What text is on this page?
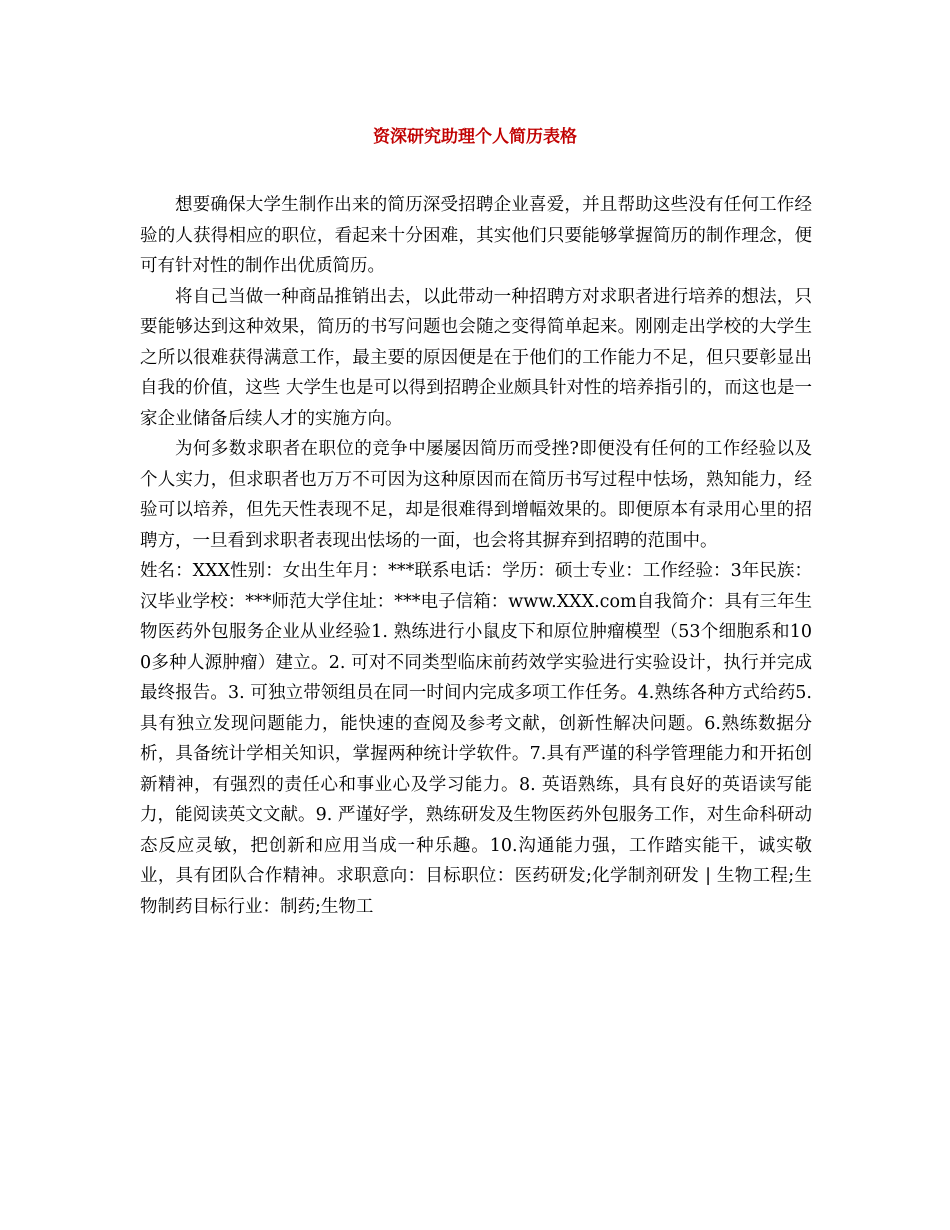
资深研究助理个人简历表格

想要确保大学生制作出来的简历深受招聘企业喜爱，并且帮助这些没有任何工作经验的人获得相应的职位，看起来十分困难，其实他们只要能够掌握简历的制作理念，便可有针对性的制作出优质简历。

将自己当做一种商品推销出去，以此带动一种招聘方对求职者进行培养的想法，只要能够达到这种效果，简历的书写问题也会随之变得简单起来。刚刚走出学校的大学生之所以很难获得满意工作，最主要的原因便是在于他们的工作能力不足，但只要彰显出自我的价值，这些 大学生也是可以得到招聘企业颇具针对性的培养指引的，而这也是一家企业储备后续人才的实施方向。

为何多数求职者在职位的竞争中屡屡因简历而受挫?即便没有任何的工作经验以及个人实力，但求职者也万万不可因为这种原因而在简历书写过程中怯场，熟知能力，经验可以培养，但先天性表现不足，却是很难得到增幅效果的。即便原本有录用心里的招聘方，一旦看到求职者表现出怯场的一面，也会将其摒弃到招聘的范围中。

姓名：XXX性别：女出生年月：***联系电话：学历：硕士专业：工作经验：3年民族：汉毕业学校：***师范大学住址：***电子信箱：www.XXX.com自我简介：具有三年生物医药外包服务企业从业经验1. 熟练进行小鼠皮下和原位肿瘤模型（53个细胞系和100多种人源肿瘤）建立。2. 可对不同类型临床前药效学实验进行实验设计，执行并完成最终报告。3. 可独立带领组员在同一时间内完成多项工作任务。4.熟练各种方式给药5. 具有独立发现问题能力，能快速的查阅及参考文献，创新性解决问题。6.熟练数据分析，具备统计学相关知识，掌握两种统计学软件。7.具有严谨的科学管理能力和开拓创新精神，有强烈的责任心和事业心及学习能力。8. 英语熟练，具有良好的英语读写能力，能阅读英文文献。9. 严谨好学，熟练研发及生物医药外包服务工作，对生命科研动态反应灵敏，把创新和应用当成一种乐趣。10.沟通能力强，工作踏实能干，诚实敬业，具有团队合作精神。求职意向：目标职位：医药研发;化学制剂研发 | 生物工程;生物制药目标行业：制药;生物工
